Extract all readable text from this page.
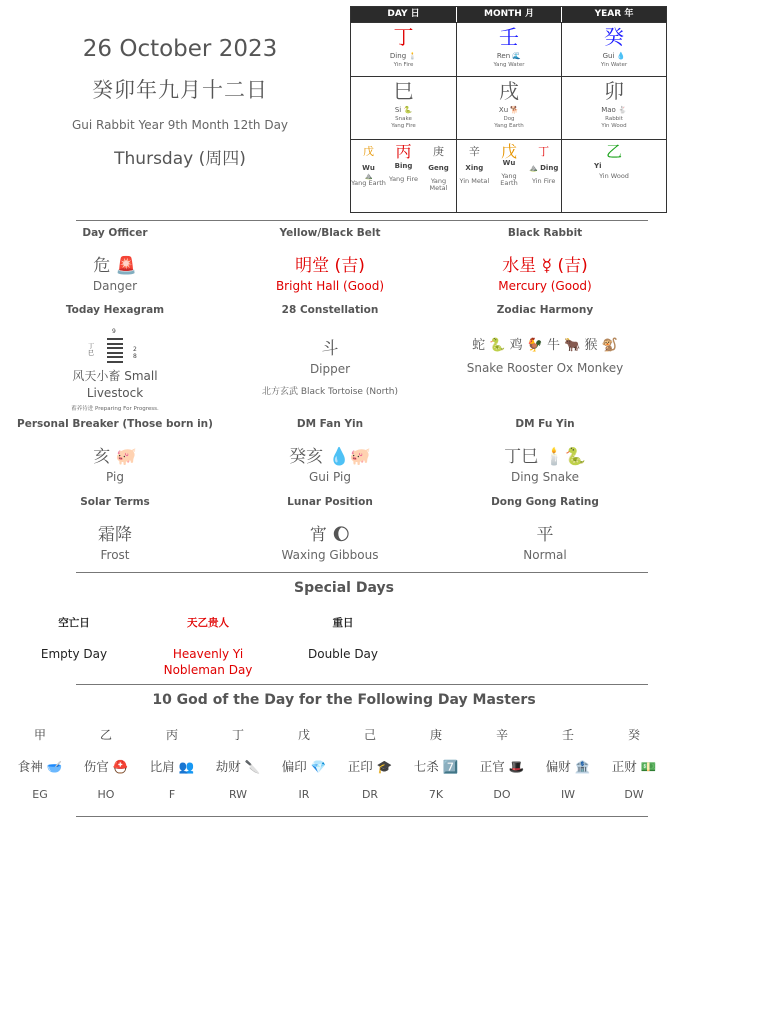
26 October 2023
癸卯年九月十二日
Gui Rabbit Year 9th Month 12th Day
Thursday (周四)
DAY 日	MONTH 月	YEAR 年
丁
Ding 🕯️
Yin Fire
壬
Ren 🌊
Yang Water
癸
Gui 💧
Yin Water
巳
Si 🐍
Snake
Yang Fire
戌
Xu 🐕
Dog
Yang Earth
卯
Mao 🐇
Rabbit
Yin Wood
戊
Wu
⛰️
Yang Earth
丙
Bing
Yang Fire
庚
Geng
Yang Metal
辛
Xing
Yin Metal
戊
Wu
Yang Earth
丁
⛰️ Ding
Yin Fire
乙
Yi
Yin Wood
Day Officer
危 🚨
Danger
Yellow/Black Belt
明堂 (吉)
Bright Hall (Good)
Black Rabbit
水星 ☿ (吉)
Mercury (Good)
Today Hexagram
9
丁
巳
2
8
风天小畜 Small Livestock
蓄养待进 Preparing For Progress.
28 Constellation
斗
Dipper
北方玄武 Black Tortoise (North)
Zodiac Harmony
蛇 🐍 鸡 🐓 牛 🐂 猴 🐒
Snake Rooster Ox Monkey
Personal Breaker (Those born in)
亥 🐖
Pig
DM Fan Yin
癸亥 💧🐖
Gui Pig
DM Fu Yin
丁巳 🕯️🐍
Ding Snake
Solar Terms
霜降
Frost
Lunar Position
宵 🌔
Waxing Gibbous
Dong Gong Rating
平
Normal
Special Days
空亡日
Empty Day
天乙贵人
Heavenly Yi Nobleman Day
重日
Double Day
10 God of the Day for the Following Day Masters
甲
食神 🥣
EG
乙
伤官 ⛑️
HO
丙
比肩 👥
F
丁
劫财 🔪
RW
戊
偏印 💎
IR
己
正印 🎓
DR
庚
七杀 7️⃣
7K
辛
正官 🎩
DO
壬
偏财 🏦
IW
癸
正财 💵
DW
